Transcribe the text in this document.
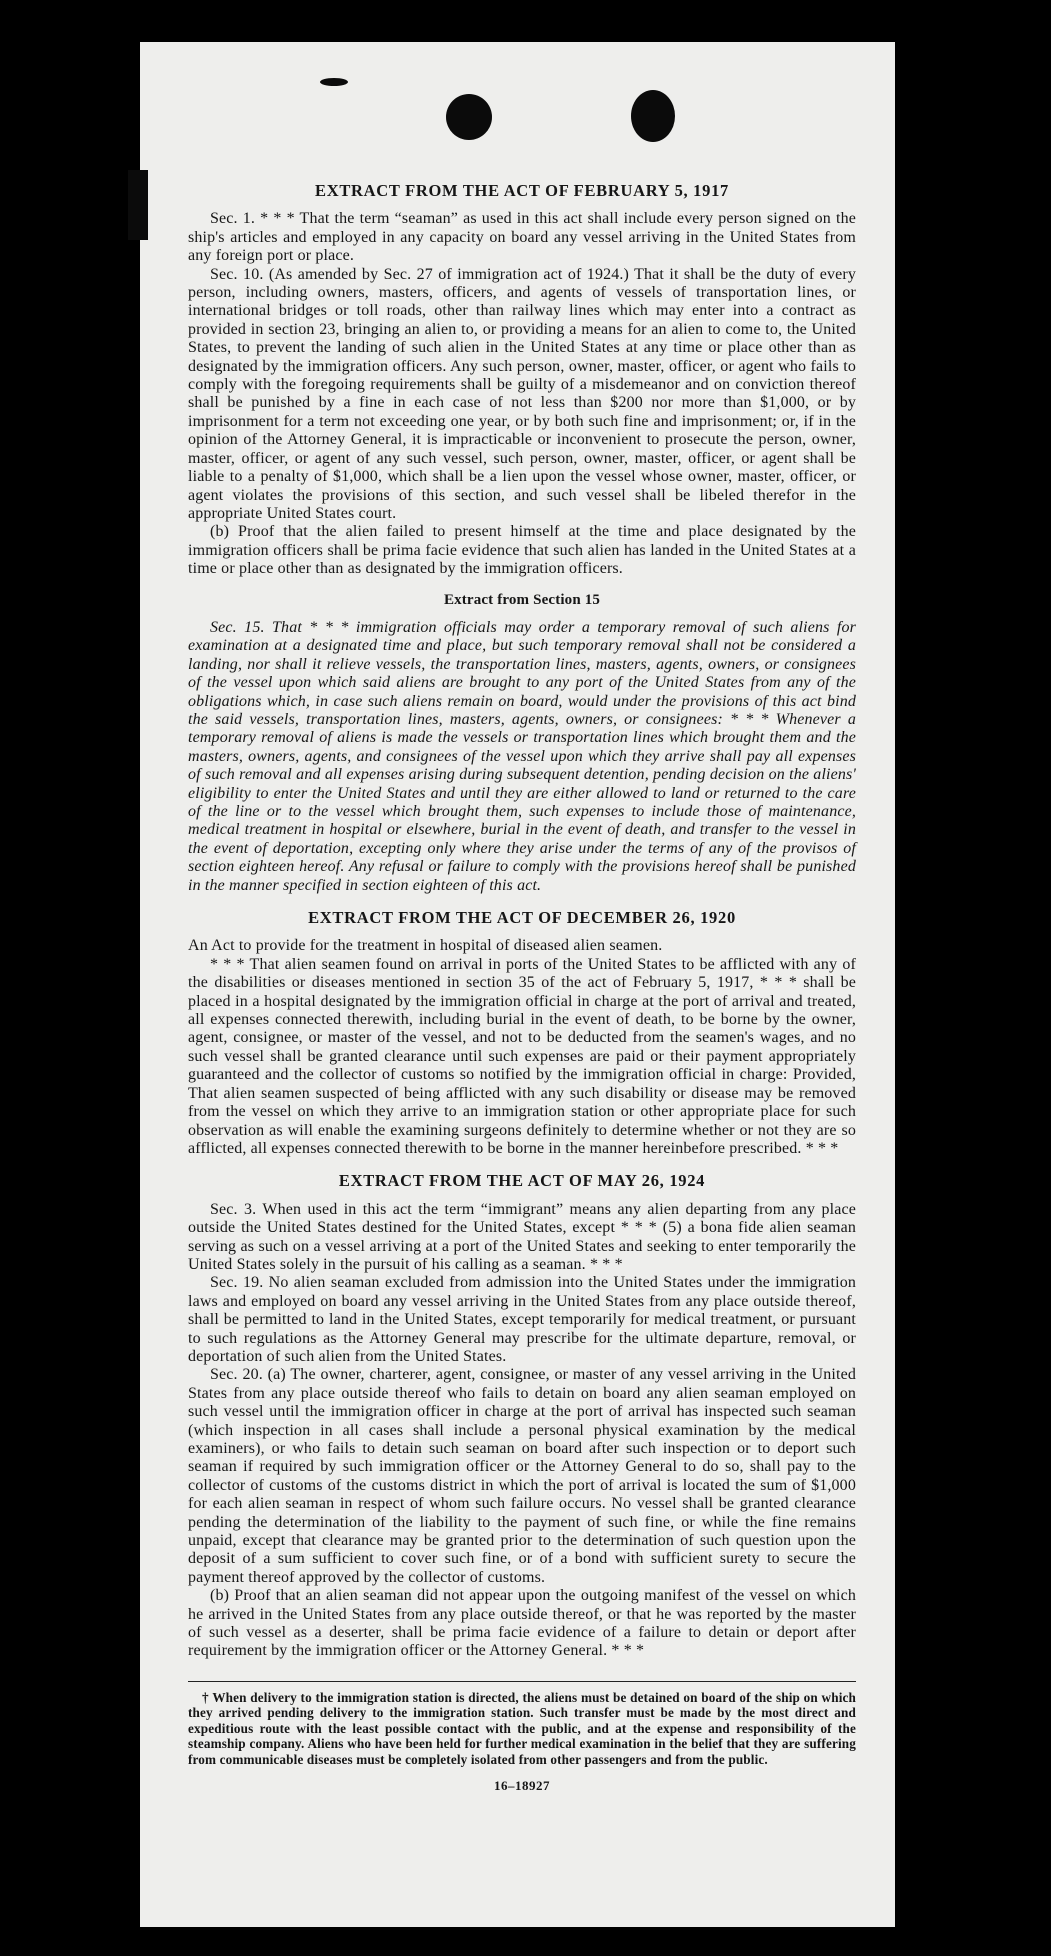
EXTRACT FROM THE ACT OF FEBRUARY 5, 1917

Sec. 1. * * * That the term “seaman” as used in this act shall include every person signed on the ship's articles and employed in any capacity on board any vessel arriving in the United States from any foreign port or place.

Sec. 10. (As amended by Sec. 27 of immigration act of 1924.) That it shall be the duty of every person, including owners, masters, officers, and agents of vessels of transportation lines, or international bridges or toll roads, other than railway lines which may enter into a contract as provided in section 23, bringing an alien to, or providing a means for an alien to come to, the United States, to prevent the landing of such alien in the United States at any time or place other than as designated by the immigration officers. Any such person, owner, master, officer, or agent who fails to comply with the foregoing requirements shall be guilty of a misdemeanor and on conviction thereof shall be punished by a fine in each case of not less than $200 nor more than $1,000, or by imprisonment for a term not exceeding one year, or by both such fine and imprisonment; or, if in the opinion of the Attorney General, it is impracticable or inconvenient to prosecute the person, owner, master, officer, or agent of any such vessel, such person, owner, master, officer, or agent shall be liable to a penalty of $1,000, which shall be a lien upon the vessel whose owner, master, officer, or agent violates the provisions of this section, and such vessel shall be libeled therefor in the appropriate United States court.

(b) Proof that the alien failed to present himself at the time and place designated by the immigration officers shall be prima facie evidence that such alien has landed in the United States at a time or place other than as designated by the immigration officers.

Extract from Section 15

Sec. 15. That * * * immigration officials may order a temporary removal of such aliens for examination at a designated time and place, but such temporary removal shall not be considered a landing, nor shall it relieve vessels, the transportation lines, masters, agents, owners, or consignees of the vessel upon which said aliens are brought to any port of the United States from any of the obligations which, in case such aliens remain on board, would under the provisions of this act bind the said vessels, transportation lines, masters, agents, owners, or consignees: * * * Whenever a temporary removal of aliens is made the vessels or transportation lines which brought them and the masters, owners, agents, and consignees of the vessel upon which they arrive shall pay all expenses of such removal and all expenses arising during subsequent detention, pending decision on the aliens' eligibility to enter the United States and until they are either allowed to land or returned to the care of the line or to the vessel which brought them, such expenses to include those of maintenance, medical treatment in hospital or elsewhere, burial in the event of death, and transfer to the vessel in the event of deportation, excepting only where they arise under the terms of any of the provisos of section eighteen hereof. Any refusal or failure to comply with the provisions hereof shall be punished in the manner specified in section eighteen of this act.

EXTRACT FROM THE ACT OF DECEMBER 26, 1920

An Act to provide for the treatment in hospital of diseased alien seamen.

* * * That alien seamen found on arrival in ports of the United States to be afflicted with any of the disabilities or diseases mentioned in section 35 of the act of February 5, 1917, * * * shall be placed in a hospital designated by the immigration official in charge at the port of arrival and treated, all expenses connected therewith, including burial in the event of death, to be borne by the owner, agent, consignee, or master of the vessel, and not to be deducted from the seamen's wages, and no such vessel shall be granted clearance until such expenses are paid or their payment appropriately guaranteed and the collector of customs so notified by the immigration official in charge: Provided, That alien seamen suspected of being afflicted with any such disability or disease may be removed from the vessel on which they arrive to an immigration station or other appropriate place for such observation as will enable the examining surgeons definitely to determine whether or not they are so afflicted, all expenses connected therewith to be borne in the manner hereinbefore prescribed. * * *

EXTRACT FROM THE ACT OF MAY 26, 1924

Sec. 3. When used in this act the term “immigrant” means any alien departing from any place outside the United States destined for the United States, except * * * (5) a bona fide alien seaman serving as such on a vessel arriving at a port of the United States and seeking to enter temporarily the United States solely in the pursuit of his calling as a seaman. * * *

Sec. 19. No alien seaman excluded from admission into the United States under the immigration laws and employed on board any vessel arriving in the United States from any place outside thereof, shall be permitted to land in the United States, except temporarily for medical treatment, or pursuant to such regulations as the Attorney General may prescribe for the ultimate departure, removal, or deportation of such alien from the United States.

Sec. 20. (a) The owner, charterer, agent, consignee, or master of any vessel arriving in the United States from any place outside thereof who fails to detain on board any alien seaman employed on such vessel until the immigration officer in charge at the port of arrival has inspected such seaman (which inspection in all cases shall include a personal physical examination by the medical examiners), or who fails to detain such seaman on board after such inspection or to deport such seaman if required by such immigration officer or the Attorney General to do so, shall pay to the collector of customs of the customs district in which the port of arrival is located the sum of $1,000 for each alien seaman in respect of whom such failure occurs. No vessel shall be granted clearance pending the determination of the liability to the payment of such fine, or while the fine remains unpaid, except that clearance may be granted prior to the determination of such question upon the deposit of a sum sufficient to cover such fine, or of a bond with sufficient surety to secure the payment thereof approved by the collector of customs.

(b) Proof that an alien seaman did not appear upon the outgoing manifest of the vessel on which he arrived in the United States from any place outside thereof, or that he was reported by the master of such vessel as a deserter, shall be prima facie evidence of a failure to detain or deport after requirement by the immigration officer or the Attorney General. * * *

† When delivery to the immigration station is directed, the aliens must be detained on board of the ship on which they arrived pending delivery to the immigration station. Such transfer must be made by the most direct and expeditious route with the least possible contact with the public, and at the expense and responsibility of the steamship company. Aliens who have been held for further medical examination in the belief that they are suffering from communicable diseases must be completely isolated from other passengers and from the public.

16–18927
